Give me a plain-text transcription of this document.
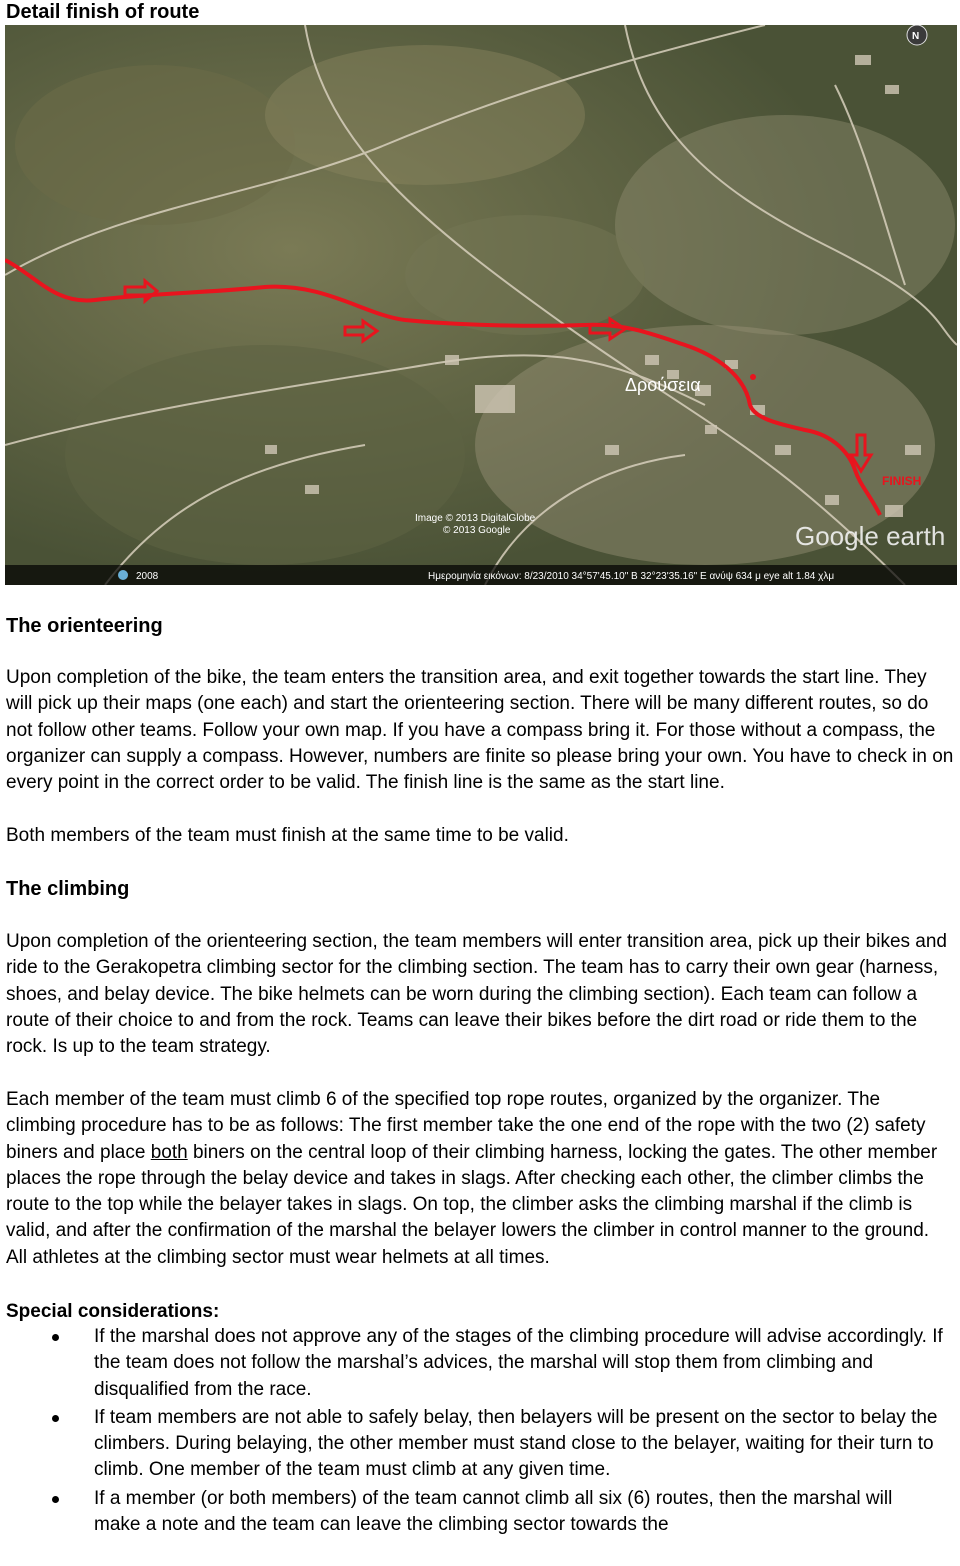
Detail finish of route
Δρούσεια
FINISH
Image © 2013 DigitalGlobe
© 2013 Google	Google earth
N
2008	Ημερομηνία εικόνων: 8/23/2010 34°57'45.10" Β 32°23'35.16" Ε ανύψ 634 μ eye alt 1.84 χλμ
The orienteering

Upon completion of the bike, the team enters the transition area, and exit together towards the start line. They will pick up their maps (one each) and start the orienteering section. There will be many different routes, so do not follow other teams. Follow your own map. If you have a compass bring it. For those without a compass, the organizer can supply a compass. However, numbers are finite so please bring your own. You have to check in on every point in the correct order to be valid. The finish line is the same as the start line.

Both members of the team must finish at the same time to be valid.

The climbing

Upon completion of the orienteering section, the team members will enter transition area, pick up their bikes and ride to the Gerakopetra climbing sector for the climbing section. The team has to carry their own gear (harness, shoes, and belay device. The bike helmets can be worn during the climbing section). Each team can follow a route of their choice to and from the rock. Teams can leave their bikes before the dirt road or ride them to the rock. Is up to the team strategy.

Each member of the team must climb 6 of the specified top rope routes, organized by the organizer. The climbing procedure has to be as follows: The first member take the one end of the rope with the two (2) safety biners and place both biners on the central loop of their climbing harness, locking the gates. The other member places the rope through the belay device and takes in slags. After checking each other, the climber climbs the route to the top while the belayer takes in slags. On top, the climber asks the climbing marshal if the climb is valid, and after the confirmation of the marshal the belayer lowers the climber in control manner to the ground. All athletes at the climbing sector must wear helmets at all times.

Special considerations:
If the marshal does not approve any of the stages of the climbing procedure will advise accordingly. If the team does not follow the marshal’s advices, the marshal will stop them from climbing and disqualified from the race.
If team members are not able to safely belay, then belayers will be present on the sector to belay the climbers. During belaying, the other member must stand close to the belayer, waiting for their turn to climb. One member of the team must climb at any given time.
If a member (or both members) of the team cannot climb all six (6) routes, then the marshal will make a note and the team can leave the climbing sector towards the
